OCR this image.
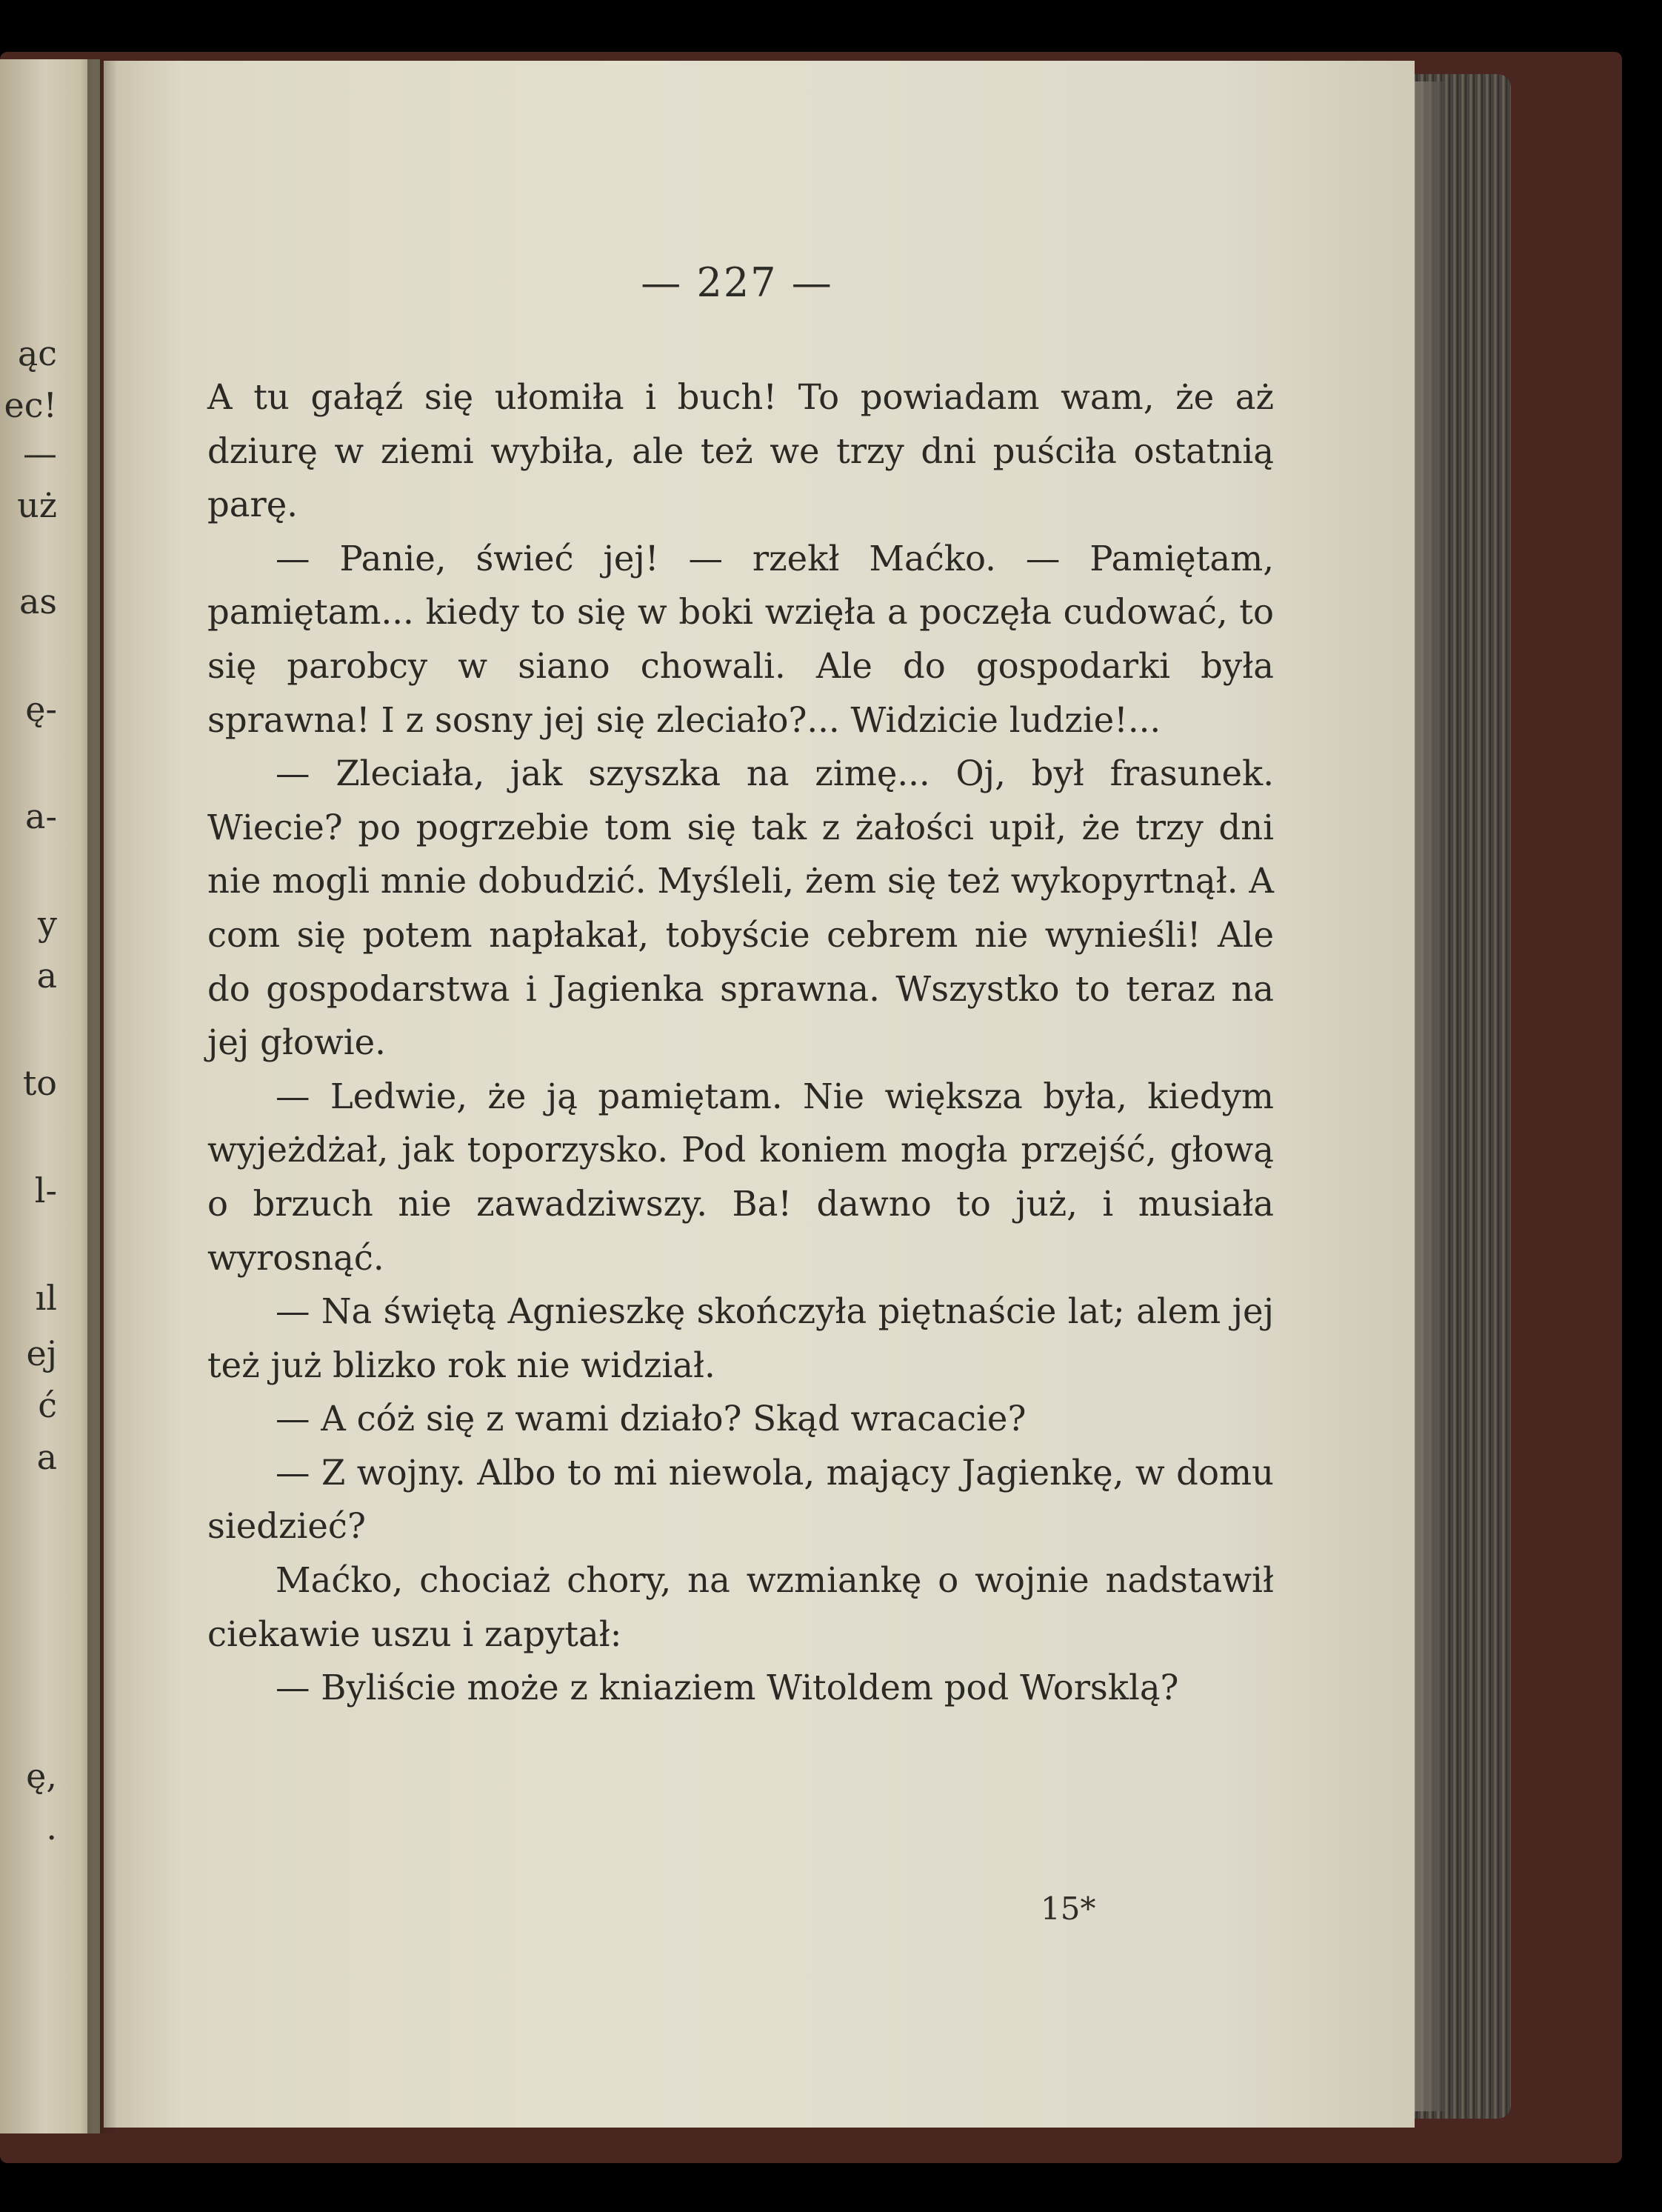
ąc
ec!
—
uż
as
ę-
a-
y
a
to
l-
ıl
ej
ć
a
ę,
.
— 227 —

A tu gałąź się ułomiła i buch! To powiadam wam, że aż dziurę w ziemi wybiła, ale też we trzy dni puściła ostatnią parę.

— Panie, świeć jej! — rzekł Maćko. — Pamiętam, pamiętam... kiedy to się w boki wzięła a poczęła cudować, to się parobcy w siano chowali. Ale do gospodarki była sprawna! I z sosny jej się zleciało?... Widzicie ludzie!...

— Zleciała, jak szyszka na zimę... Oj, był frasunek. Wiecie? po pogrzebie tom się tak z żałości upił, że trzy dni nie mogli mnie dobudzić. Myśleli, żem się też wykopyrtnął. A com się potem napłakał, tobyście cebrem nie wynieśli! Ale do gospodarstwa i Jagienka sprawna. Wszystko to teraz na jej głowie.

— Ledwie, że ją pamiętam. Nie większa była, kiedym wyjeżdżał, jak toporzysko. Pod koniem mogła przejść, głową o brzuch nie zawadziwszy. Ba! dawno to już, i musiała wyrosnąć.

— Na świętą Agnieszkę skończyła piętnaście lat; alem jej też już blizko rok nie widział.

— A cóż się z wami działo? Skąd wracacie?

— Z wojny. Albo to mi niewola, mającу Jagienkę, w domu siedzieć?

Maćko, chociaż chory, na wzmiankę o wojnie nadstawił ciekawie uszu i zapytał:

— Byliście może z kniaziem Witoldem pod Worsklą?

15*
